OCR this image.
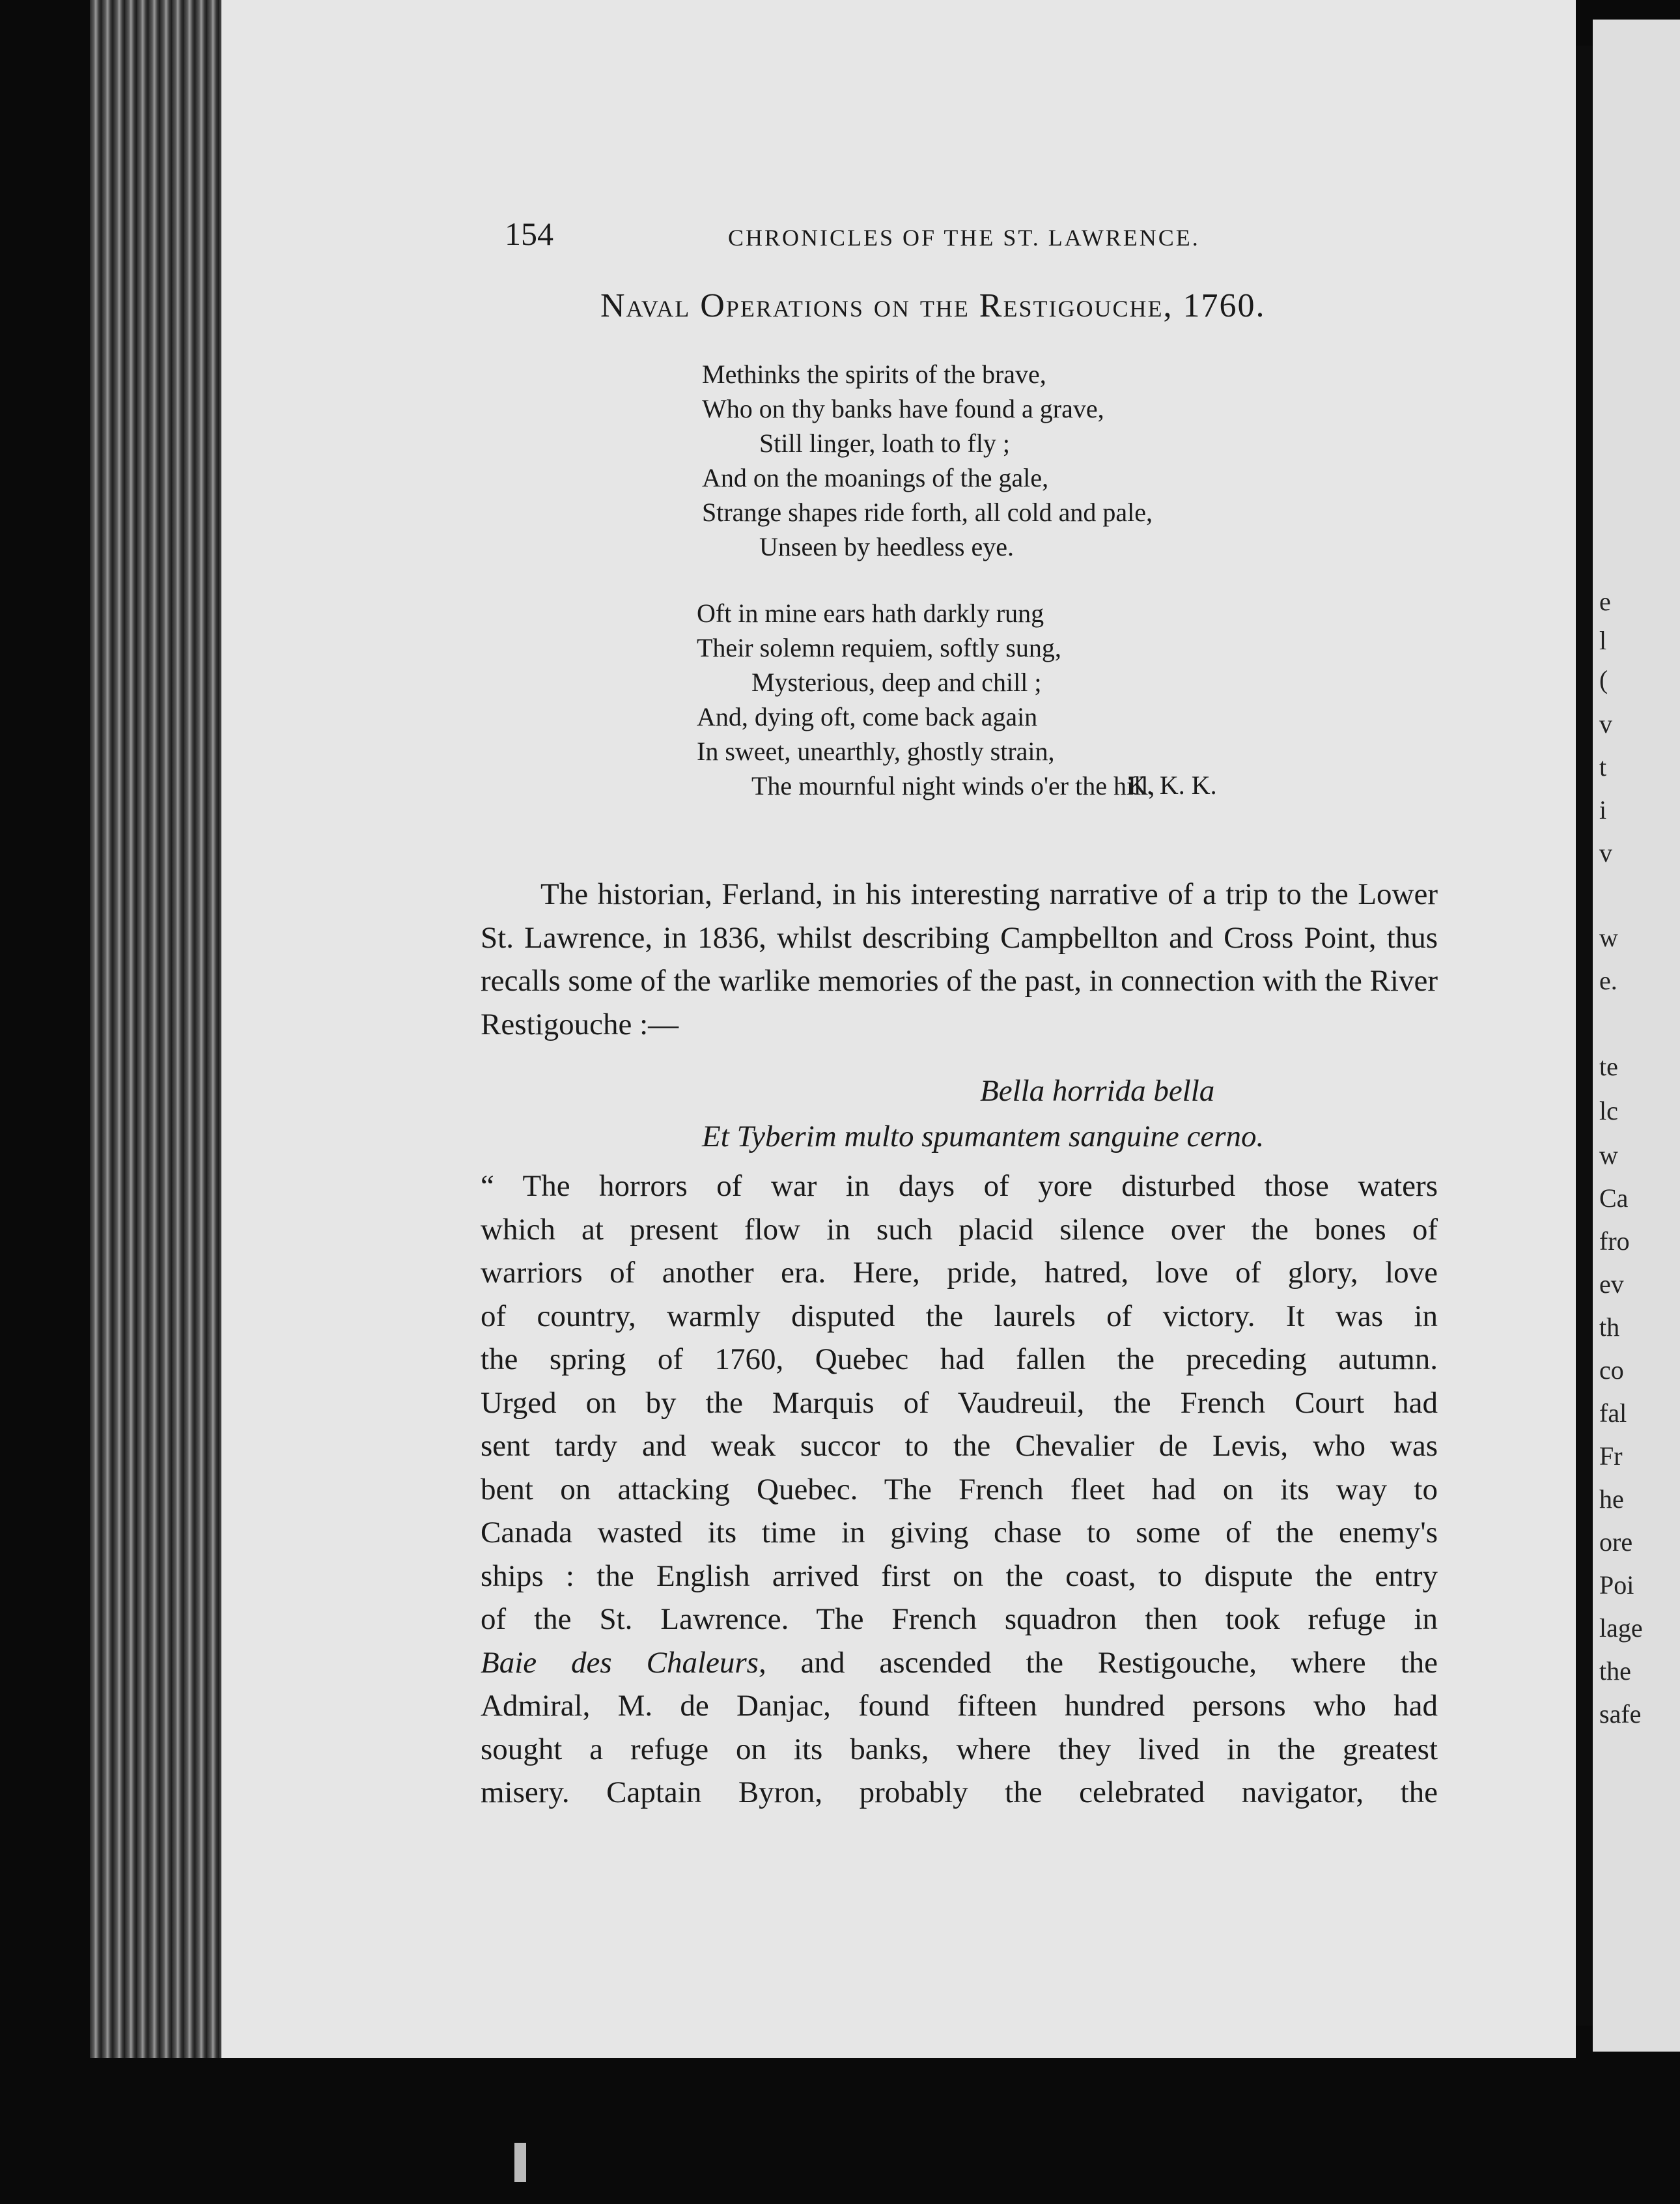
154	CHRONICLES OF THE ST. LAWRENCE.
Naval Operations on the Restigouche, 1760.
Methinks the spirits of the brave,
Who on thy banks have found a grave,
Still linger, loath to fly ;
And on the moanings of the gale,
Strange shapes ride forth, all cold and pale,
Unseen by heedless eye.
Oft in mine ears hath darkly rung
Their solemn requiem, softly sung,
Mysterious, deep and chill ;
And, dying oft, come back again
In sweet, unearthly, ghostly strain,
The mournful night winds o'er the hill,
K. K. K.
The historian, Ferland, in his interesting narrative of a trip to the Lower St. Lawrence, in 1836, whilst describing Campbellton and Cross Point, thus recalls some of the warlike memories of the past, in connection with the River Restigouche :—
Bella horrida bella
Et Tyberim multo spumantem sanguine cerno.
“ The horrors of war in days of yore disturbed those waters
which at present flow in such placid silence over the bones of
warriors of another era. Here, pride, hatred, love of glory, love
of country, warmly disputed the laurels of victory. It was in
the spring of 1760, Quebec had fallen the preceding autumn.
Urged on by the Marquis of Vaudreuil, the French Court had
sent tardy and weak succor to the Chevalier de Levis, who was
bent on attacking Quebec. The French fleet had on its way to
Canada wasted its time in giving chase to some of the enemy's
ships : the English arrived first on the coast, to dispute the entry
of the St. Lawrence. The French squadron then took refuge in
Baie des Chaleurs, and ascended the Restigouche, where the
Admiral, M. de Danjac, found fifteen hundred persons who had
sought a refuge on its banks, where they lived in the greatest
misery. Captain Byron, probably the celebrated navigator, the
e
l
(
v
t
i
v
w
e.
te
lc
w
Ca
fro
ev
th
co
fal
Fr
he
ore
Poi
lage
the
safe
